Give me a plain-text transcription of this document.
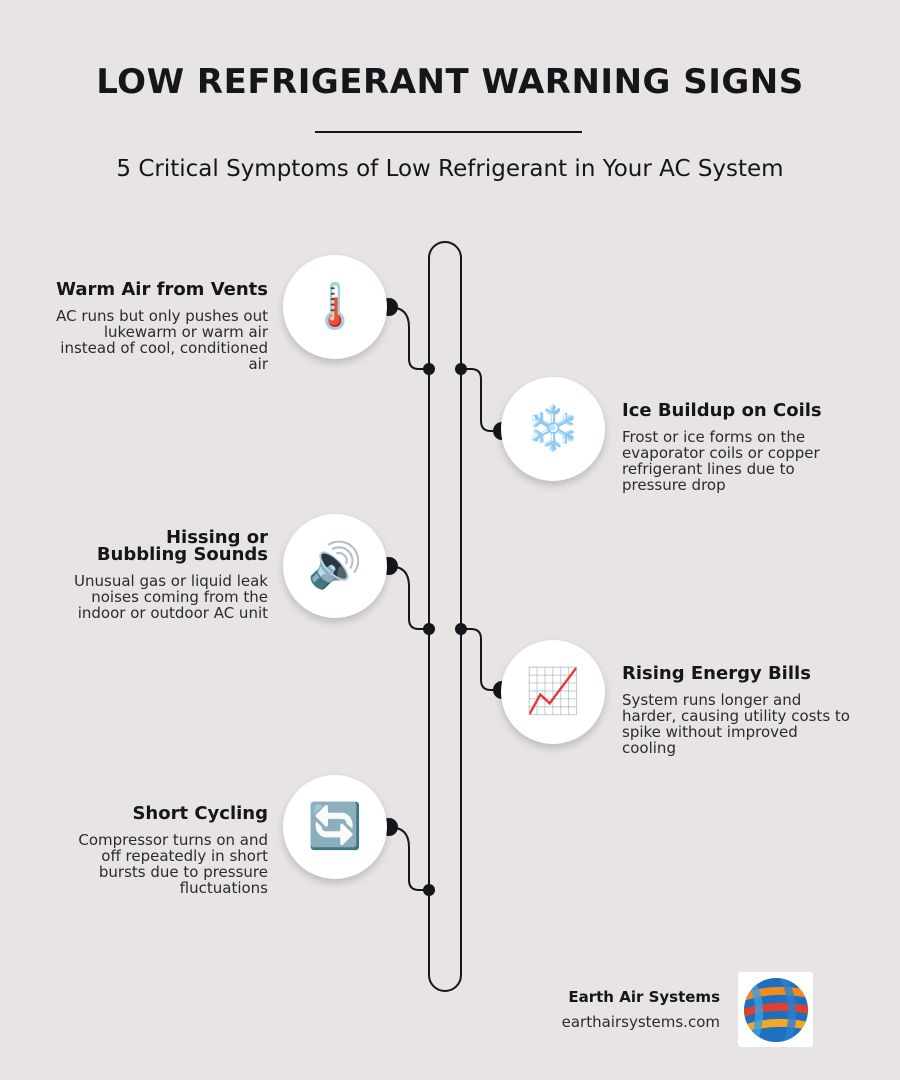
LOW REFRIGERANT WARNING SIGNS
5 Critical Symptoms of Low Refrigerant in Your AC System
🌡️
Warm Air from Vents
AC runs but only pushes out lukewarm or warm air instead of cool, conditioned air
❄️ Ice Buildup on Coils
Frost or ice forms on the evaporator coils or copper refrigerant lines due to pressure drop
🔊
Hissing or Bubbling Sounds
Unusual gas or liquid leak noises coming from the indoor or outdoor AC unit
📈 Rising Energy Bills
System runs longer and harder, causing utility costs to spike without improved cooling
🔄
Short Cycling
Compressor turns on and off repeatedly in short bursts due to pressure fluctuations
Earth Air Systems
earthairsystems.com
